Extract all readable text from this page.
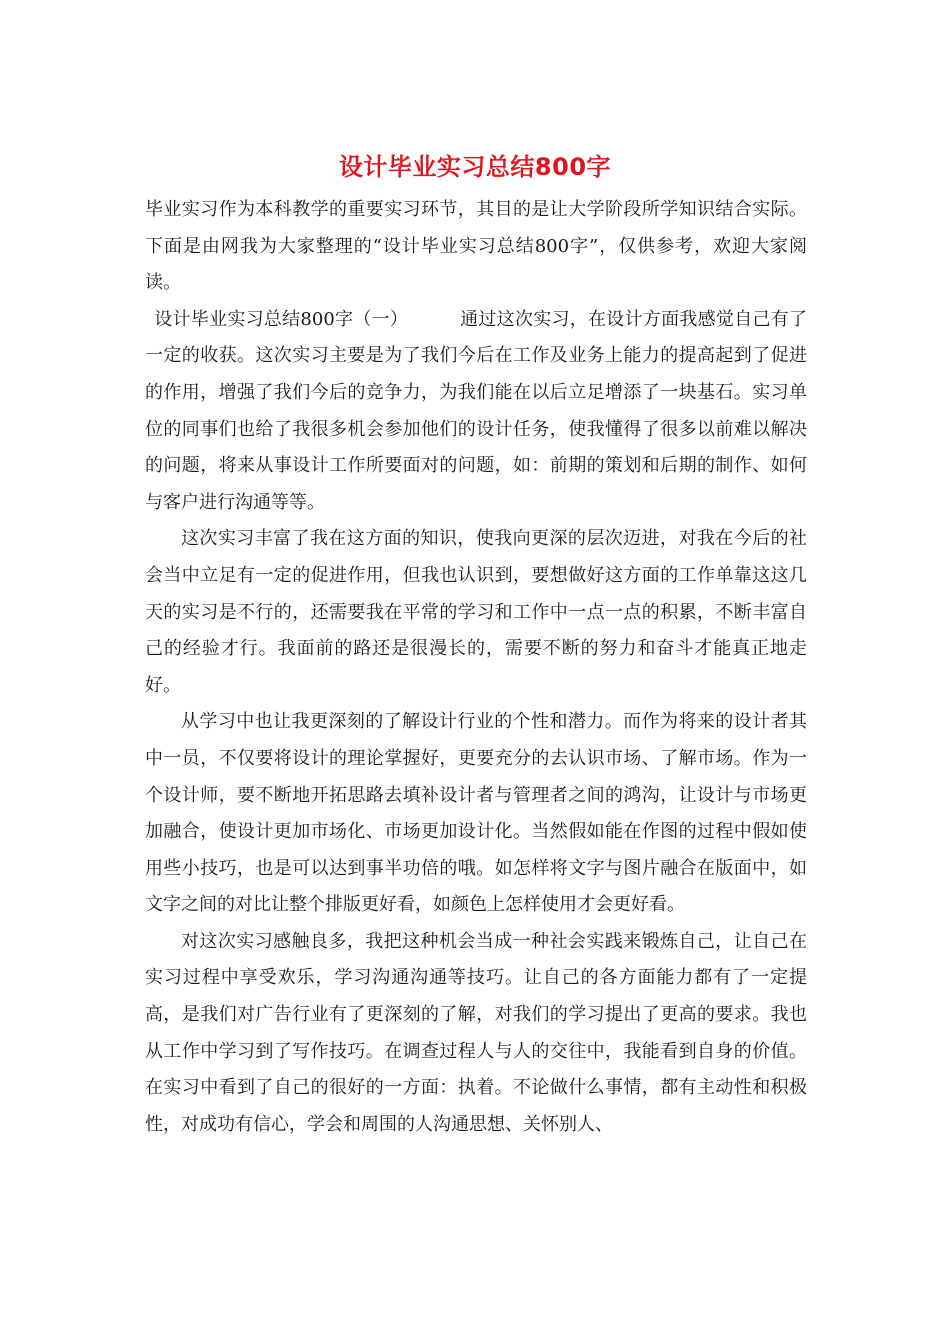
设计毕业实习总结800字

毕业实习作为本科教学的重要实习环节，其目的是让大学阶段所学知识结合实际。下面是由网我为大家整理的“设计毕业实习总结800字”，仅供参考，欢迎大家阅读。

 设计毕业实习总结800字（一）	通过这次实习，在设计方面我感觉自己有了一定的收获。这次实习主要是为了我们今后在工作及业务上能力的提高起到了促进的作用，增强了我们今后的竞争力，为我们能在以后立足增添了一块基石。实习单位的同事们也给了我很多机会参加他们的设计任务，使我懂得了很多以前难以解决的问题，将来从事设计工作所要面对的问题，如：前期的策划和后期的制作、如何与客户进行沟通等等。

这次实习丰富了我在这方面的知识，使我向更深的层次迈进，对我在今后的社会当中立足有一定的促进作用，但我也认识到，要想做好这方面的工作单靠这这几天的实习是不行的，还需要我在平常的学习和工作中一点一点的积累，不断丰富自己的经验才行。我面前的路还是很漫长的，需要不断的努力和奋斗才能真正地走好。

从学习中也让我更深刻的了解设计行业的个性和潜力。而作为将来的设计者其中一员，不仅要将设计的理论掌握好，更要充分的去认识市场、了解市场。作为一个设计师，要不断地开拓思路去填补设计者与管理者之间的鸿沟，让设计与市场更加融合，使设计更加市场化、市场更加设计化。当然假如能在作图的过程中假如使用些小技巧，也是可以达到事半功倍的哦。如怎样将文字与图片融合在版面中，如文字之间的对比让整个排版更好看，如颜色上怎样使用才会更好看。

对这次实习感触良多，我把这种机会当成一种社会实践来锻炼自己，让自己在实习过程中享受欢乐，学习沟通沟通等技巧。让自己的各方面能力都有了一定提高，是我们对广告行业有了更深刻的了解，对我们的学习提出了更高的要求。我也从工作中学习到了写作技巧。在调查过程人与人的交往中，我能看到自身的价值。在实习中看到了自己的很好的一方面：执着。不论做什么事情，都有主动性和积极性，对成功有信心，学会和周围的人沟通思想、关怀别人、
